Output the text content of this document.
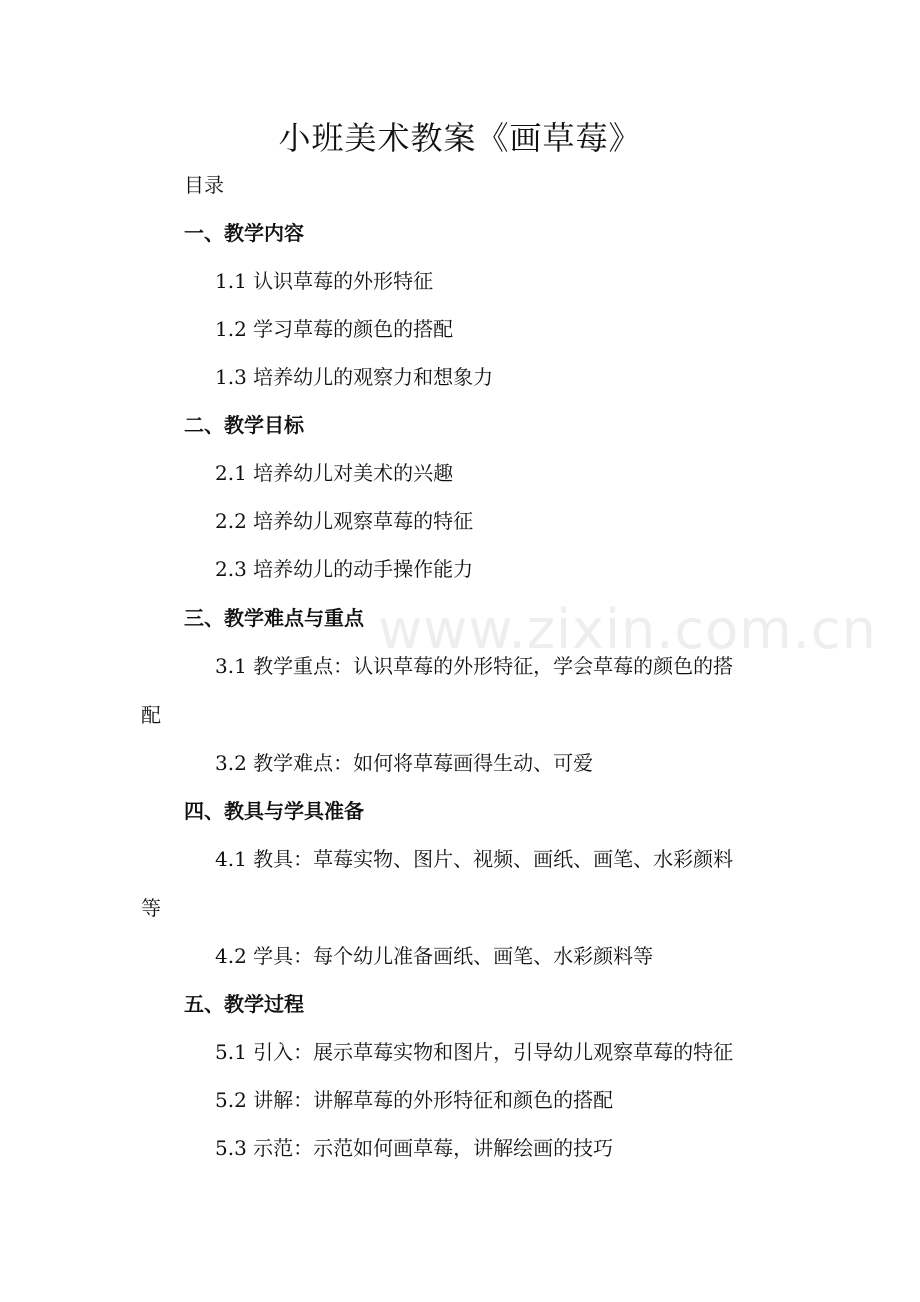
www.zixin.com.cn
小班美术教案《画草莓》
目录
一、教学内容
1.1 认识草莓的外形特征
1.2 学习草莓的颜色的搭配
1.3 培养幼儿的观察力和想象力
二、教学目标
2.1 培养幼儿对美术的兴趣
2.2 培养幼儿观察草莓的特征
2.3 培养幼儿的动手操作能力
三、教学难点与重点
3.1 教学重点：认识草莓的外形特征，学会草莓的颜色的搭
配
3.2 教学难点：如何将草莓画得生动、可爱
四、教具与学具准备
4.1 教具：草莓实物、图片、视频、画纸、画笔、水彩颜料
等
4.2 学具：每个幼儿准备画纸、画笔、水彩颜料等
五、教学过程
5.1 引入：展示草莓实物和图片，引导幼儿观察草莓的特征
5.2 讲解：讲解草莓的外形特征和颜色的搭配
5.3 示范：示范如何画草莓，讲解绘画的技巧
